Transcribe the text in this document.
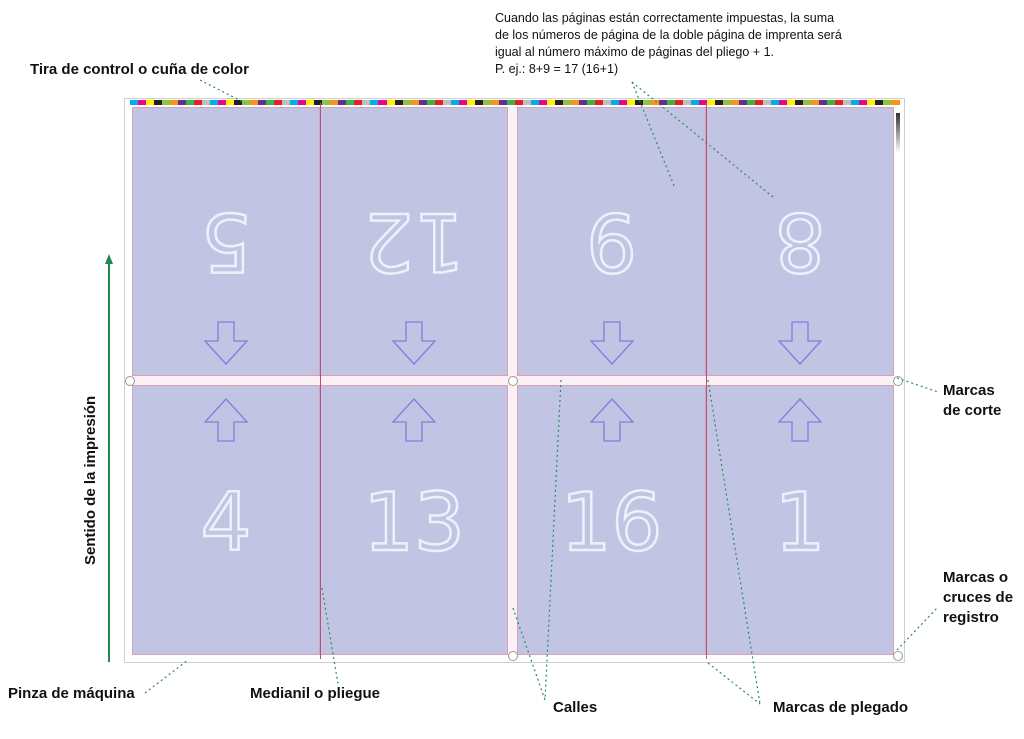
Tira de control o cuña de color
Cuando las páginas están correctamente impuestas, la suma
de los números de página de la doble página de imprenta será
igual al número máximo de páginas del pliego + 1.
P. ej.: 8+9 = 17 (16+1)
Sentido de la impresión
Pinza de máquina	Medianil o pliegue
Calles	Marcas de plegado
Marcas
de corte
Marcas o
cruces de
registro
5	12	9	8
4	13	16	1
